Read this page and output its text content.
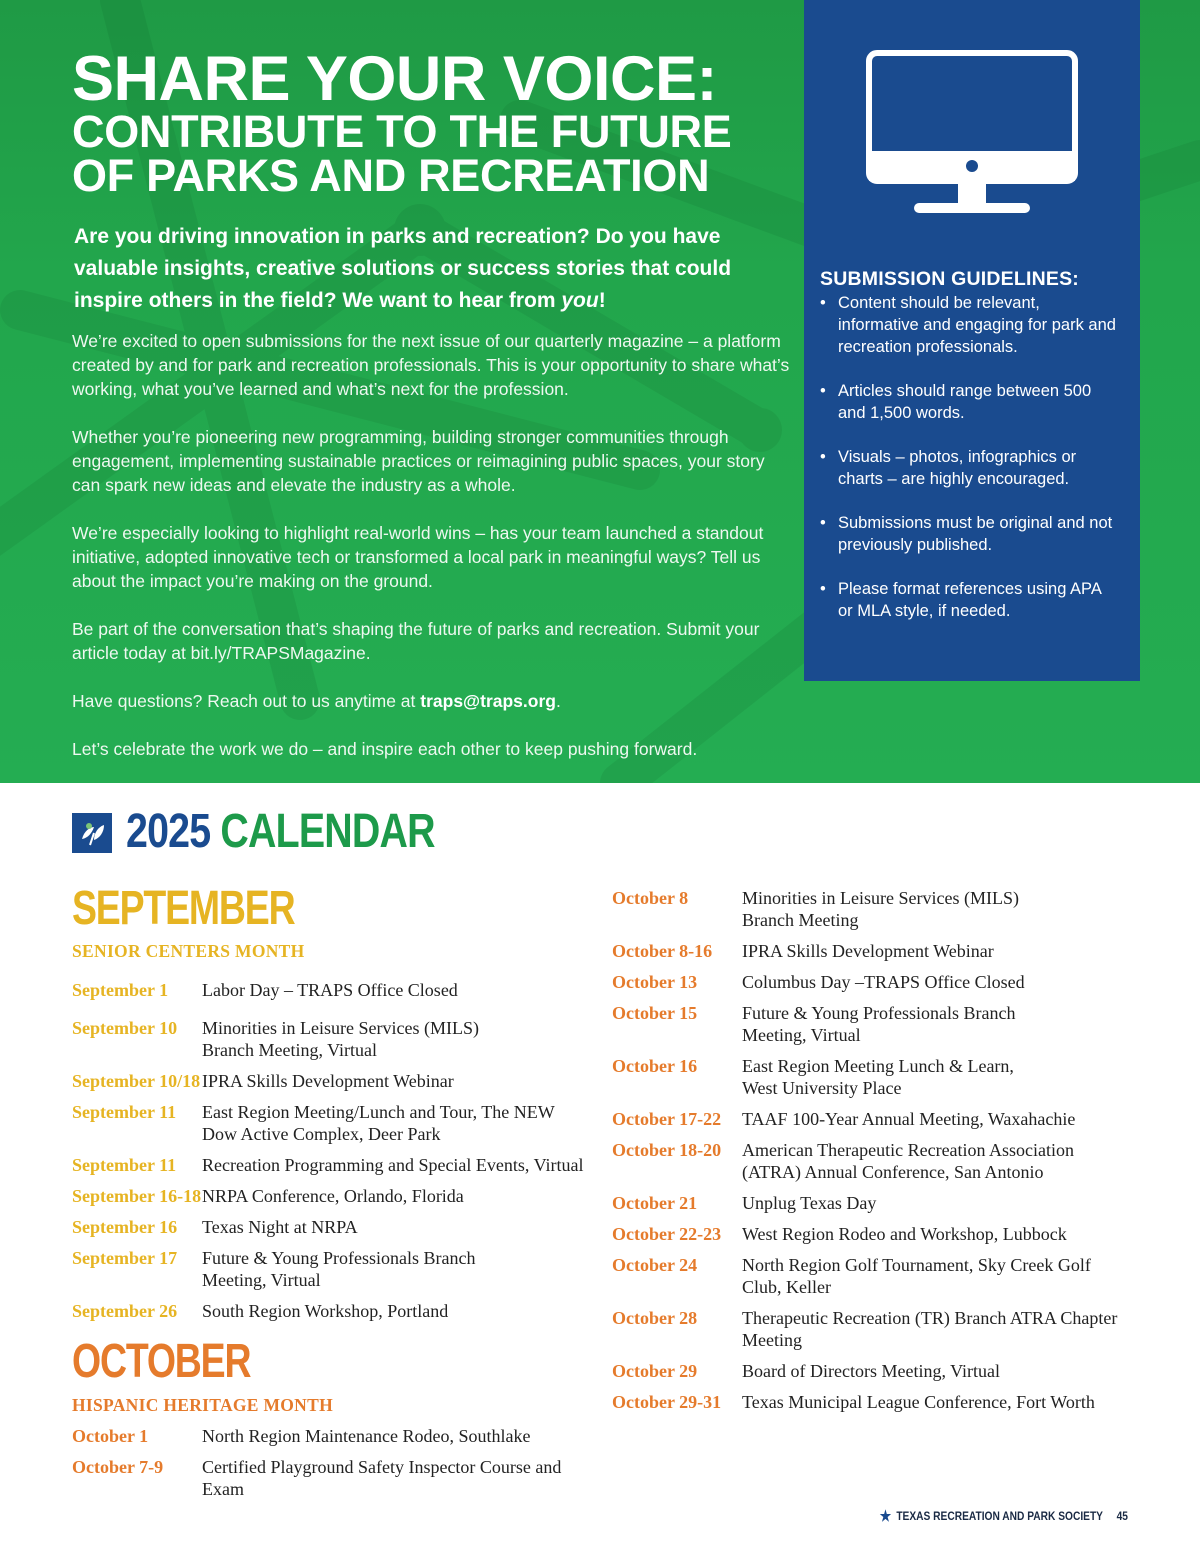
SHARE YOUR VOICE:
CONTRIBUTE TO THE FUTURE OF PARKS AND RECREATION
Are you driving innovation in parks and recreation? Do you have valuable insights, creative solutions or success stories that could inspire others in the field? We want to hear from you!

We’re excited to open submissions for the next issue of our quarterly magazine – a platform created by and for park and recreation professionals. This is your opportunity to share what’s working, what you’ve learned and what’s next for the profession.

Whether you’re pioneering new programming, building stronger communities through engagement, implementing sustainable practices or reimagining public spaces, your story can spark new ideas and elevate the industry as a whole.

We’re especially looking to highlight real-world wins – has your team launched a standout initiative, adopted innovative tech or transformed a local park in meaningful ways? Tell us about the impact you’re making on the ground.

Be part of the conversation that’s shaping the future of parks and recreation. Submit your article today at bit.ly/TRAPSMagazine.

Have questions? Reach out to us anytime at traps@traps.org.

Let’s celebrate the work we do – and inspire each other to keep pushing forward.

SUBMISSION GUIDELINES:
• Content should be relevant, informative and engaging for park and recreation professionals.
• Articles should range between 500 and 1,500 words.
• Visuals – photos, infographics or charts – are highly encouraged.
• Submissions must be original and not previously published.
• Please format references using APA or MLA style, if needed.
2025 CALENDAR
SEPTEMBER
SENIOR CENTERS MONTH
September 1	Labor Day – TRAPS Office Closed
September 10	Minorities in Leisure Services (MILS) Branch Meeting, Virtual
September 10/18 IPRA Skills Development Webinar
September 11	East Region Meeting/Lunch and Tour, The NEW Dow Active Complex, Deer Park
September 11	Recreation Programming and Special Events, Virtual
September 16-18 NRPA Conference, Orlando, Florida
September 16	Texas Night at NRPA
September 17	Future & Young Professionals Branch Meeting, Virtual
September 26	South Region Workshop, Portland
OCTOBER
HISPANIC HERITAGE MONTH
October 1	North Region Maintenance Rodeo, Southlake
October 7-9	Certified Playground Safety Inspector Course and Exam
October 8	Minorities in Leisure Services (MILS) Branch Meeting
October 8-16	IPRA Skills Development Webinar
October 13	Columbus Day –TRAPS Office Closed
October 15	Future & Young Professionals Branch Meeting, Virtual
October 16	East Region Meeting Lunch & Learn, West University Place
October 17-22	TAAF 100-Year Annual Meeting, Waxahachie
October 18-20	American Therapeutic Recreation Association (ATRA) Annual Conference, San Antonio
October 21	Unplug Texas Day
October 22-23	West Region Rodeo and Workshop, Lubbock
October 24	North Region Golf Tournament, Sky Creek Golf Club, Keller
October 28	Therapeutic Recreation (TR) Branch ATRA Chapter Meeting
October 29	Board of Directors Meeting, Virtual
October 29-31	Texas Municipal League Conference, Fort Worth
★ TEXAS RECREATION AND PARK SOCIETY 45
